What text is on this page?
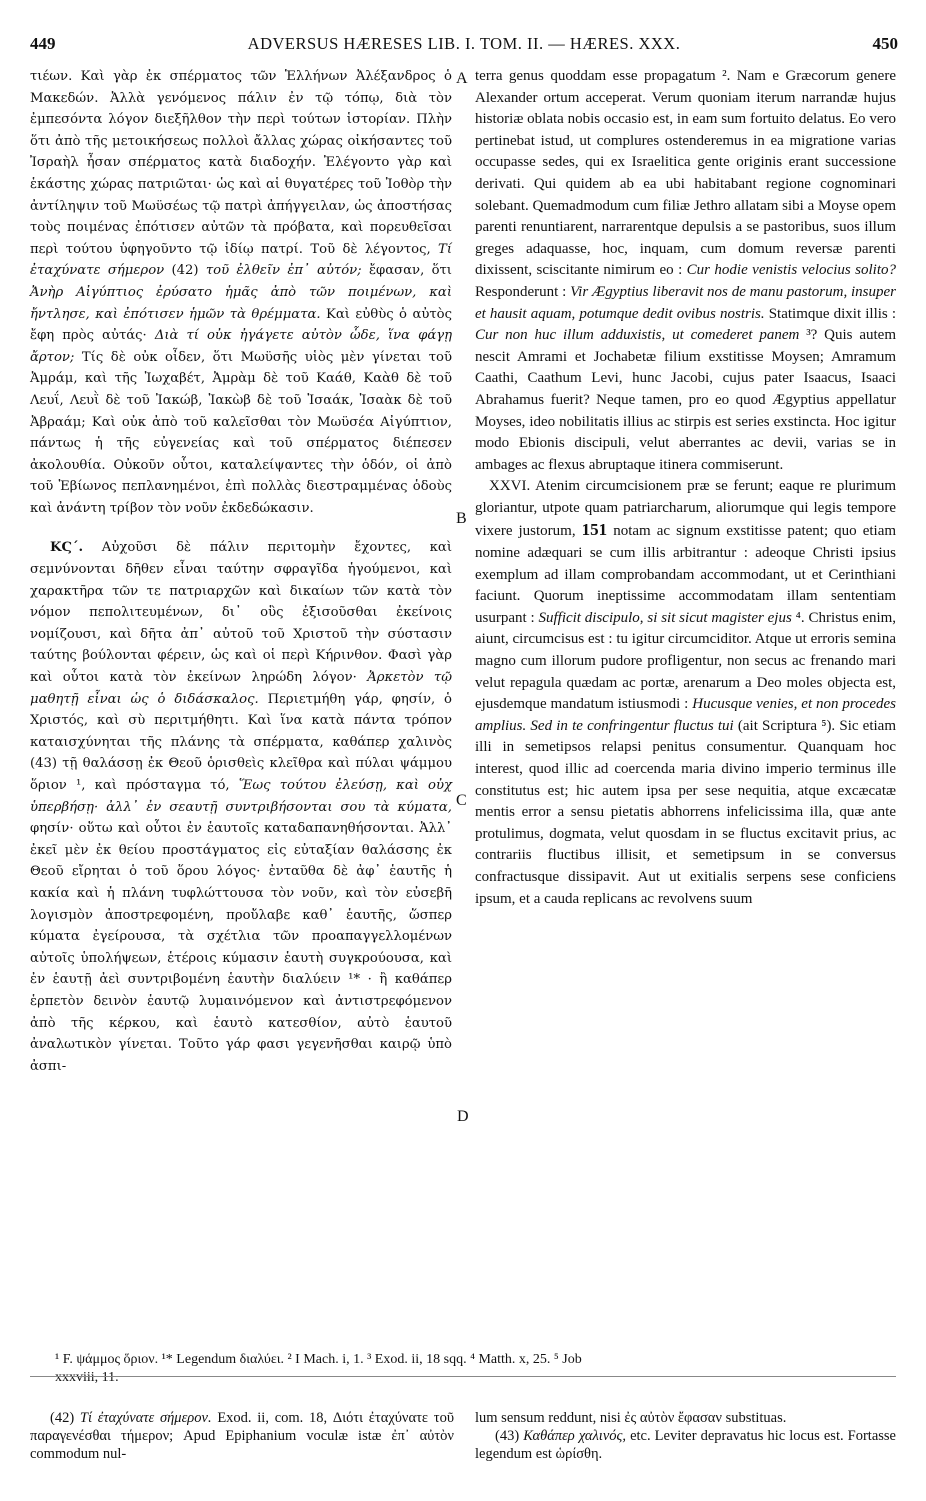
449	ADVERSUS HÆRESES LIB. I. TOM. II. — HÆRES. XXX.	450
A
B
C
D

τιέων. Καὶ γὰρ ἐκ σπέρματος τῶν Ἑλλήνων Ἀλέξανδρος ὁ Μακεδών. Ἀλλὰ γενόμενος πάλιν ἐν τῷ τόπῳ, διὰ τὸν ἐμπεσόντα λόγον διεξῆλθον τὴν περὶ τούτων ἱστορίαν. Πλὴν ὅτι ἀπὸ τῆς μετοικήσεως πολλοὶ ἄλλας χώρας οἰκήσαντες τοῦ Ἰσραὴλ ἦσαν σπέρματος κατὰ διαδοχήν. Ἐλέγοντο γὰρ καὶ ἑκάστης χώρας πατριῶται· ὡς καὶ αἱ θυγατέρες τοῦ Ἰοθὸρ τὴν ἀντίληψιν τοῦ Μωϋσέως τῷ πατρὶ ἀπήγγειλαν, ὡς ἀποστήσας τοὺς ποιμένας ἐπότισεν αὐτῶν τὰ πρόβατα, καὶ πορευθεῖσαι περὶ τούτου ὑφηγοῦντο τῷ ἰδίῳ πατρί. Τοῦ δὲ λέγοντος, Τί ἐταχύνατε σήμερον (42) τοῦ ἐλθεῖν ἐπ᾽ αὐτόν; ἔφασαν, ὅτι Ἀνὴρ Αἰγύπτιος ἐρύσατο ἡμᾶς ἀπὸ τῶν ποιμένων, καὶ ἤντλησε, καὶ ἐπότισεν ἡμῶν τὰ θρέμματα. Καὶ εὐθὺς ὁ αὐτὸς ἔφη πρὸς αὐτάς· Διὰ τί οὐκ ἠγάγετε αὐτὸν ὧδε, ἵνα φάγῃ ἄρτον; Τίς δὲ οὐκ οἶδεν, ὅτι Μωϋσῆς υἱὸς μὲν γίνεται τοῦ Ἀμράμ, καὶ τῆς Ἰωχαβέτ, Ἀμρὰμ δὲ τοῦ Καάθ, Καὰθ δὲ τοῦ Λευΐ, Λευῒ δὲ τοῦ Ἰακώβ, Ἰακὼβ δὲ τοῦ Ἰσαάκ, Ἰσαὰκ δὲ τοῦ Ἀβραάμ; Καὶ οὐκ ἀπὸ τοῦ καλεῖσθαι τὸν Μωϋσέα Αἰγύπτιον, πάντως ἡ τῆς εὐγενείας καὶ τοῦ σπέρματος διέπεσεν ἀκολουθία. Οὐκοῦν οὗτοι, καταλείψαντες τὴν ὁδόν, οἱ ἀπὸ τοῦ Ἐβίωνος πεπλανημένοι, ἐπὶ πολλὰς διεστραμμένας ὁδοὺς καὶ ἀνάντη τρίβον τὸν νοῦν ἐκδεδώκασιν.

ΚϚ΄. Αὐχοῦσι δὲ πάλιν περιτομὴν ἔχοντες, καὶ σεμνύνονται δῆθεν εἶναι ταύτην σφραγῖδα ἡγούμενοι, καὶ χαρακτῆρα τῶν τε πατριαρχῶν καὶ δικαίων τῶν κατὰ τὸν νόμον πεπολιτευμένων, δι᾽ οὓς ἐξισοῦσθαι ἐκείνοις νομίζουσι, καὶ δῆτα ἀπ᾽ αὐτοῦ τοῦ Χριστοῦ τὴν σύστασιν ταύτης βούλονται φέρειν, ὡς καὶ οἱ περὶ Κήρινθον. Φασὶ γὰρ καὶ οὗτοι κατὰ τὸν ἐκείνων ληρώδη λόγον· Ἀρκετὸν τῷ μαθητῇ εἶναι ὡς ὁ διδάσκαλος. Περιετμήθη γάρ, φησίν, ὁ Χριστός, καὶ σὺ περιτμήθητι. Καὶ ἵνα κατὰ πάντα τρόπον καταισχύνηται τῆς πλάνης τὰ σπέρματα, καθάπερ χαλινὸς (43) τῇ θαλάσσῃ ἐκ Θεοῦ ὁρισθεὶς κλεῖθρα καὶ πύλαι ψάμμου ὅριον ¹, καὶ πρόσταγμα τό, Ἕως τούτου ἐλεύσῃ, καὶ οὐχ ὑπερβήσῃ· ἀλλ᾽ ἐν σεαυτῇ συντριβήσονται σου τὰ κύματα, φησίν· οὕτω καὶ οὗτοι ἐν ἑαυτοῖς καταδαπανηθήσονται. Ἀλλ᾽ ἐκεῖ μὲν ἐκ θείου προστάγματος εἰς εὐταξίαν θαλάσσης ἐκ Θεοῦ εἴρηται ὁ τοῦ ὅρου λόγος· ἐνταῦθα δὲ ἀφ᾽ ἑαυτῆς ἡ κακία καὶ ἡ πλάνη τυφλώττουσα τὸν νοῦν, καὶ τὸν εὐσεβῆ λογισμὸν ἀποστρεφομένη, προὔλαβε καθ᾽ ἑαυτῆς, ὥσπερ κύματα ἐγείρουσα, τὰ σχέτλια τῶν προαπαγγελλομένων αὐτοῖς ὑπολήψεων, ἑτέροις κύμασιν ἑαυτὴ συγκρούουσα, καὶ ἐν ἑαυτῇ ἀεὶ συντριβομένη ἑαυτὴν διαλύειν ¹* · ἢ καθάπερ ἑρπετὸν δεινὸν ἑαυτῷ λυμαινόμενον καὶ ἀντιστρεφόμενον ἀπὸ τῆς κέρκου, καὶ ἑαυτὸ κατεσθίον, αὐτὸ ἑαυτοῦ ἀναλωτικὸν γίνεται. Τοῦτο γάρ φασι γεγενῆσθαι καιρῷ ὑπὸ ἀσπι-

terra genus quoddam esse propagatum ². Nam e Græcorum genere Alexander ortum acceperat. Verum quoniam iterum narrandæ hujus historiæ oblata nobis occasio est, in eam sum fortuito delatus. Eo vero pertinebat istud, ut complures ostenderemus in ea migratione varias occupasse sedes, qui ex Israelitica gente originis erant successione derivati. Qui quidem ab ea ubi habitabant regione cognominari solebant. Quemadmodum cum filiæ Jethro allatam sibi a Moyse opem parenti renuntiarent, narrarentque depulsis a se pastoribus, suos illum greges adaquasse, hoc, inquam, cum domum reversæ parenti dixissent, sciscitante nimirum eo : Cur hodie venistis velocius solito? Responderunt : Vir Ægyptius liberavit nos de manu pastorum, insuper et hausit aquam, potumque dedit ovibus nostris. Statimque dixit illis : Cur non huc illum adduxistis, ut comederet panem ³? Quis autem nescit Amrami et Jochabetæ filium exstitisse Moysen; Amramum Caathi, Caathum Levi, hunc Jacobi, cujus pater Isaacus, Isaaci Abrahamus fuerit? Neque tamen, pro eo quod Ægyptius appellatur Moyses, ideo nobilitatis illius ac stirpis est series exstincta. Hoc igitur modo Ebionis discipuli, velut aberrantes ac devii, varias se in ambages ac flexus abruptaque itinera commiserunt.

XXVI. Atenim circumcisionem præ se ferunt; eaque re plurimum gloriantur, utpote quam patriarcharum, aliorumque qui legis tempore vixere justorum, 151 notam ac signum exstitisse patent; quo etiam nomine adæquari se cum illis arbitrantur : adeoque Christi ipsius exemplum ad illam comprobandam accommodant, ut et Cerinthiani faciunt. Quorum ineptissime accommodatam illam sententiam usurpant : Sufficit discipulo, si sit sicut magister ejus ⁴. Christus enim, aiunt, circumcisus est : tu igitur circumciditor. Atque ut erroris semina magno cum illorum pudore profligentur, non secus ac frenando mari velut repagula quædam ac portæ, arenarum a Deo moles objecta est, ejusdemque mandatum istiusmodi : Hucusque venies, et non procedes amplius. Sed in te confringentur fluctus tui (ait Scriptura ⁵). Sic etiam illi in semetipsos relapsi penitus consumentur. Quanquam hoc interest, quod illic ad coercenda maria divino imperio terminus ille constitutus est; hic autem ipsa per sese nequitia, atque excæcatæ mentis error a sensu pietatis abhorrens infelicissima illa, quæ ante protulimus, dogmata, velut quosdam in se fluctus excitavit prius, ac contrariis fluctibus illisit, et semetipsum in se conversus confractusque dissipavit. Aut ut exitialis serpens sese conficiens ipsum, et a cauda replicans ac revolvens suum

¹ F. ψάμμος ὅριον. ¹* Legendum διαλύει. ² I Mach. i, 1. ³ Exod. ii, 18 sqq. ⁴ Matth. x, 25. ⁵ Job
xxxviii, 11.

(42) Τί ἐταχύνατε σήμερον. Exod. ii, com. 18, Διότι ἐταχύνατε τοῦ παραγενέσθαι τήμερον; Apud Epiphanium voculæ istæ ἐπ᾽ αὐτὸν commodum nul-

lum sensum reddunt, nisi ἐς αὐτὸν ἔφασαν substituas.

(43) Καθάπερ χαλινός, etc. Leviter depravatus hic locus est. Fortasse legendum est ὡρίσθη.
